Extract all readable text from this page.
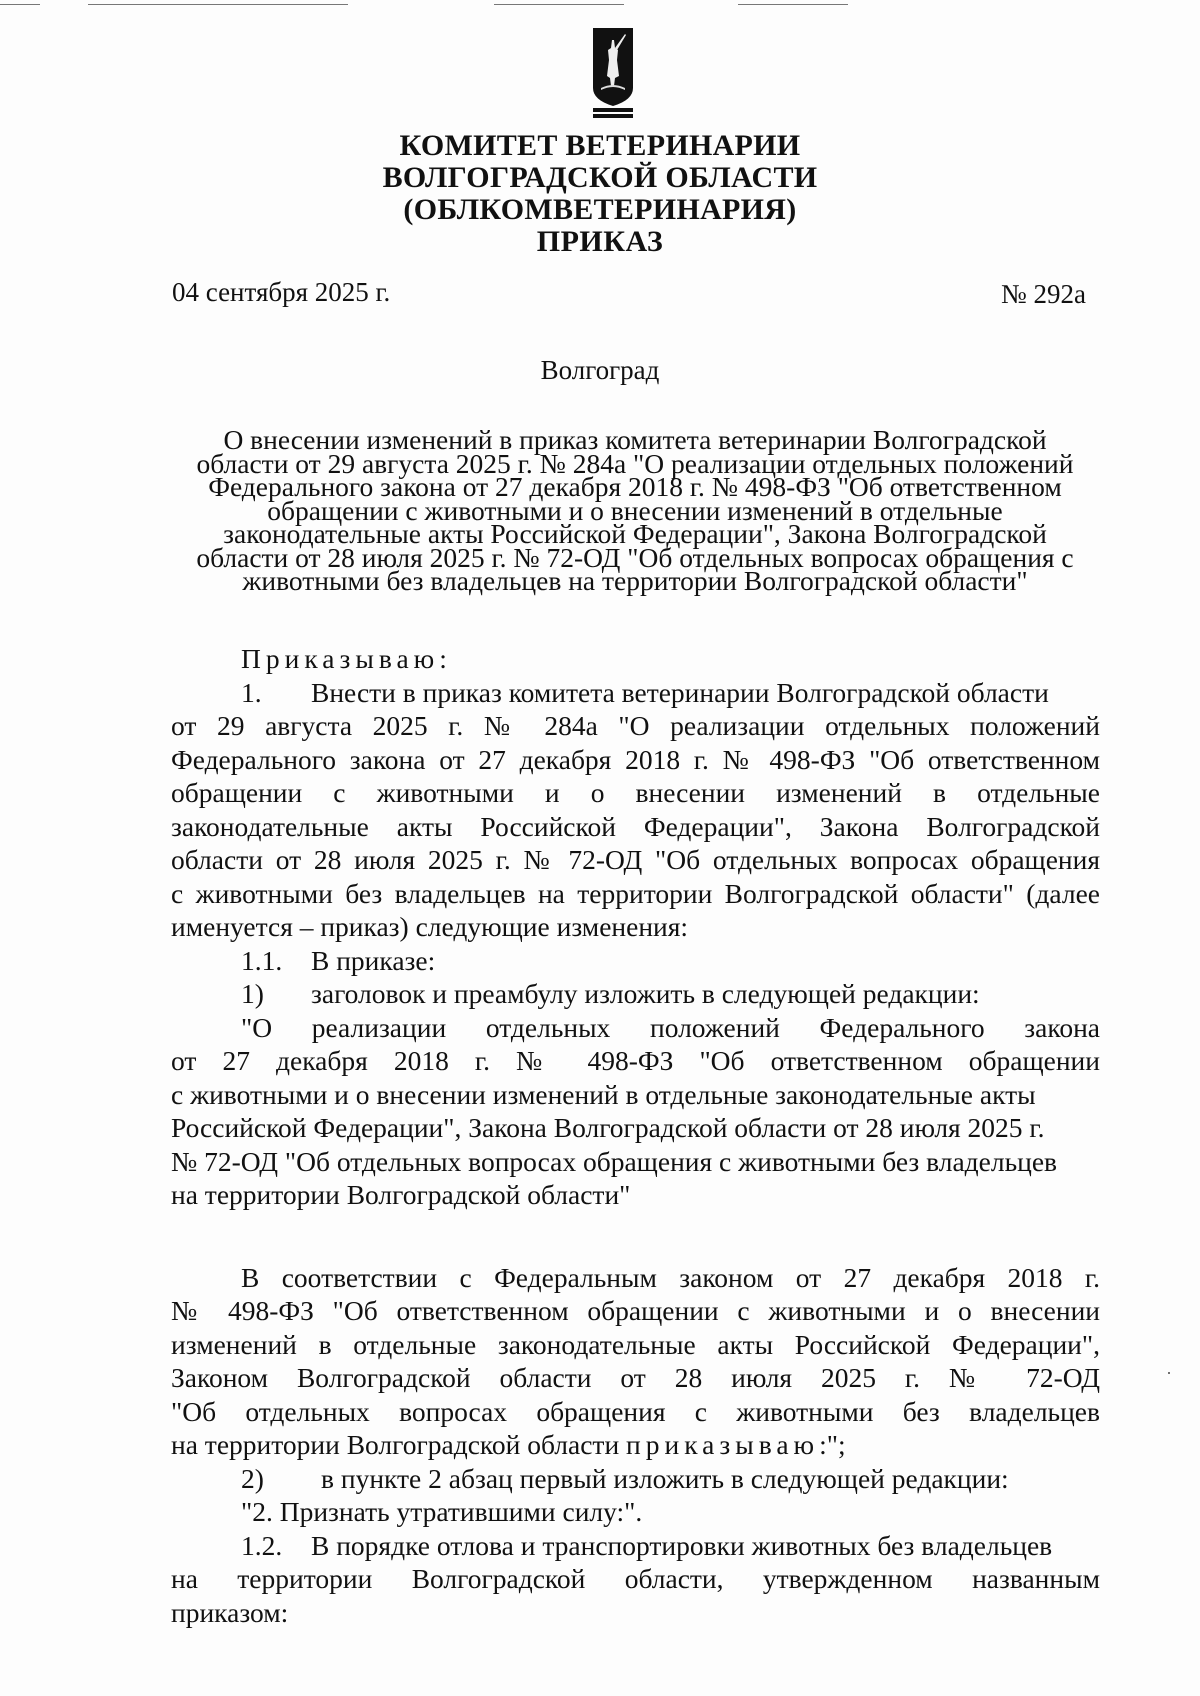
КОМИТЕТ ВЕТЕРИНАРИИ
ВОЛГОГРАДСКОЙ ОБЛАСТИ
(ОБЛКОМВЕТЕРИНАРИЯ)
ПРИКАЗ
04 сентября 2025 г.	№ 292а
Волгоград
О внесении изменений в приказ комитета ветеринарии Волгоградской
области от 29 августа 2025 г. № 284а "О реализации отдельных положений
Федерального закона от 27 декабря 2018 г. № 498-ФЗ "Об ответственном
обращении с животными и о внесении изменений в отдельные
законодательные акты Российской Федерации", Закона Волгоградской
области от 28 июля 2025 г. № 72-ОД "Об отдельных вопросах обращения с
животными без владельцев на территории Волгоградской области"
Приказываю:
1. Внести в приказ комитета ветеринарии Волгоградской области
от 29 августа 2025 г. № 284а "О реализации отдельных положений
Федерального закона от 27 декабря 2018 г. № 498-ФЗ "Об ответственном
обращении с животными и о внесении изменений в отдельные
законодательные акты Российской Федерации", Закона Волгоградской
области от 28 июля 2025 г. № 72-ОД "Об отдельных вопросах обращения
с животными без владельцев на территории Волгоградской области" (далее
именуется – приказ) следующие изменения:
1.1. В приказе:
1) заголовок и преамбулу изложить в следующей редакции:
"О реализации отдельных положений Федерального закона
от 27 декабря 2018 г. № 498-ФЗ "Об ответственном обращении
с животными и о внесении изменений в отдельные законодательные акты
Российской Федерации", Закона Волгоградской области от 28 июля 2025 г.
№ 72-ОД "Об отдельных вопросах обращения с животными без владельцев
на территории Волгоградской области"
В соответствии с Федеральным законом от 27 декабря 2018 г.
№ 498-ФЗ "Об ответственном обращении с животными и о внесении
изменений в отдельные законодательные акты Российской Федерации",
Законом Волгоградской области от 28 июля 2025 г. № 72-ОД
"Об отдельных вопросах обращения с животными без владельцев
на территории Волгоградской области приказываю:";
2) в пункте 2 абзац первый изложить в следующей редакции:
"2. Признать утратившими силу:".
1.2. В порядке отлова и транспортировки животных без владельцев
на территории Волгоградской области, утвержденном названным
приказом:
